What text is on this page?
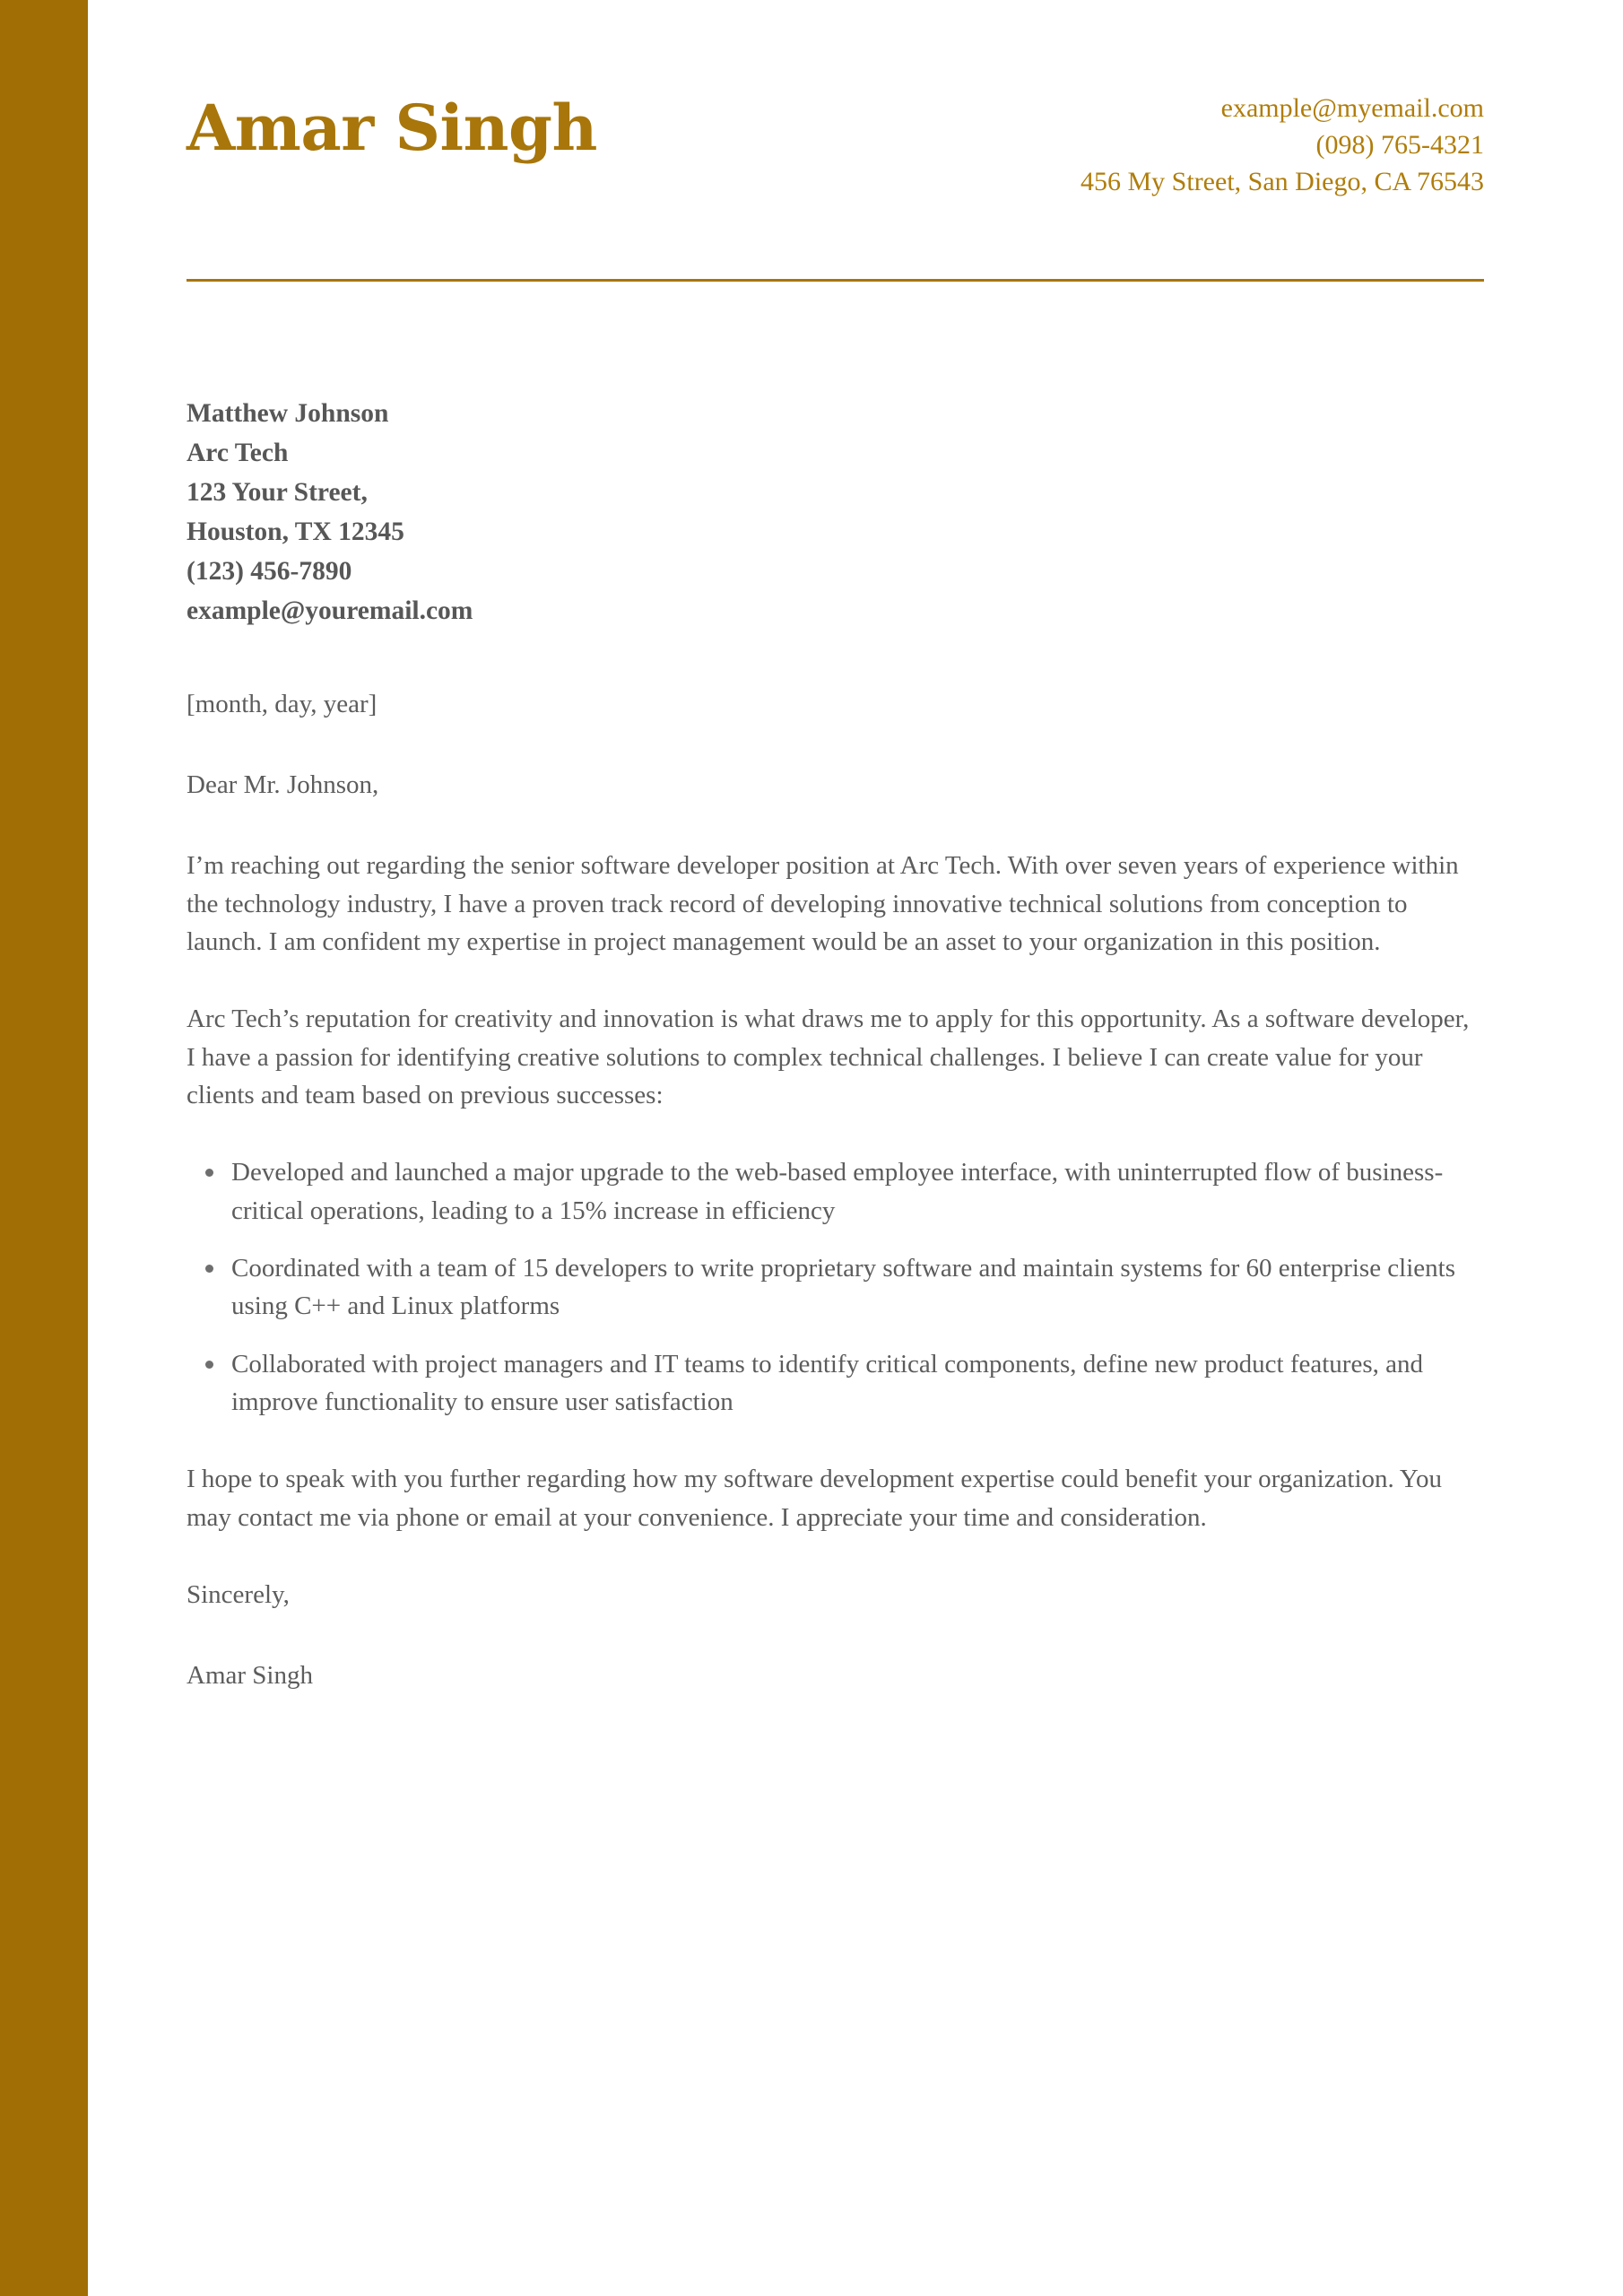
Amar Singh	example@myemail.com
(098) 765-4321
456 My Street, San Diego, CA 76543
Matthew Johnson
Arc Tech
123 Your Street,
Houston, TX 12345
(123) 456-7890
example@youremail.com
[month, day, year]
Dear Mr. Johnson,

I’m reaching out regarding the senior software developer position at Arc Tech. With over seven years of experience within the technology industry, I have a proven track record of developing innovative technical solutions from conception to launch. I am confident my expertise in project management would be an asset to your organization in this position.

Arc Tech’s reputation for creativity and innovation is what draws me to apply for this opportunity. As a software developer, I have a passion for identifying creative solutions to complex technical challenges. I believe I can create value for your clients and team based on previous successes:

Developed and launched a major upgrade to the web-based employee interface, with uninterrupted flow of business-critical operations, leading to a 15% increase in efficiency
Coordinated with a team of 15 developers to write proprietary software and maintain systems for 60 enterprise clients using C++ and Linux platforms
Collaborated with project managers and IT teams to identify critical components, define new product features, and improve functionality to ensure user satisfaction

I hope to speak with you further regarding how my software development expertise could benefit your organization. You may contact me via phone or email at your convenience. I appreciate your time and consideration.

Sincerely,
Amar Singh
